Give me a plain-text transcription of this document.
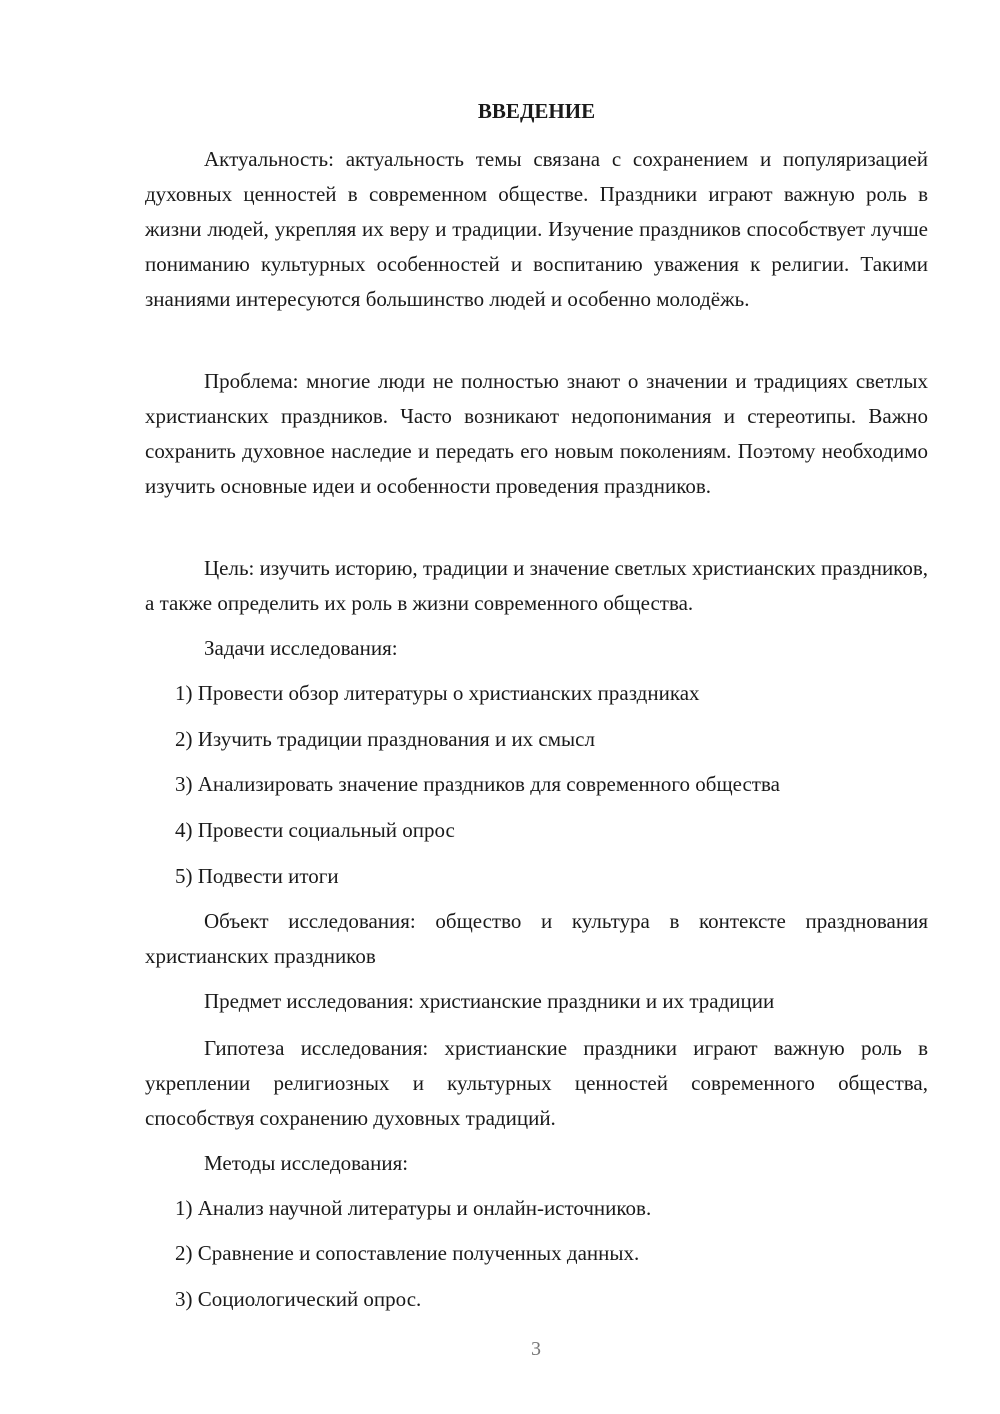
ВВЕДЕНИЕ

Актуальность: актуальность темы связана с сохранением и популяризацией духовных ценностей в современном обществе. Праздники играют важную роль в жизни людей, укрепляя их веру и традиции. Изучение праздников способствует лучше пониманию культурных особенностей и воспитанию уважения к религии. Такими знаниями интересуются большинство людей и особенно молодёжь.

Проблема: многие люди не полностью знают о значении и традициях светлых христианских праздников. Часто возникают недопонимания и стереотипы. Важно сохранить духовное наследие и передать его новым поколениям. Поэтому необходимо изучить основные идеи и особенности проведения праздников.

Цель: изучить историю, традиции и значение светлых христианских праздников, а также определить их роль в жизни современного общества.

Задачи исследования:

1) Провести обзор литературы о христианских праздниках
2) Изучить традиции празднования и их смысл
3) Анализировать значение праздников для современного общества
4) Провести социальный опрос
5) Подвести итоги

Объект исследования: общество и культура в контексте празднования христианских праздников

Предмет исследования: христианские праздники и их традиции

Гипотеза исследования: христианские праздники играют важную роль в укреплении религиозных и культурных ценностей современного общества, способствуя сохранению духовных традиций.

Методы исследования:

1) Анализ научной литературы и онлайн-источников.
2) Сравнение и сопоставление полученных данных.
3) Социологический опрос.
3
